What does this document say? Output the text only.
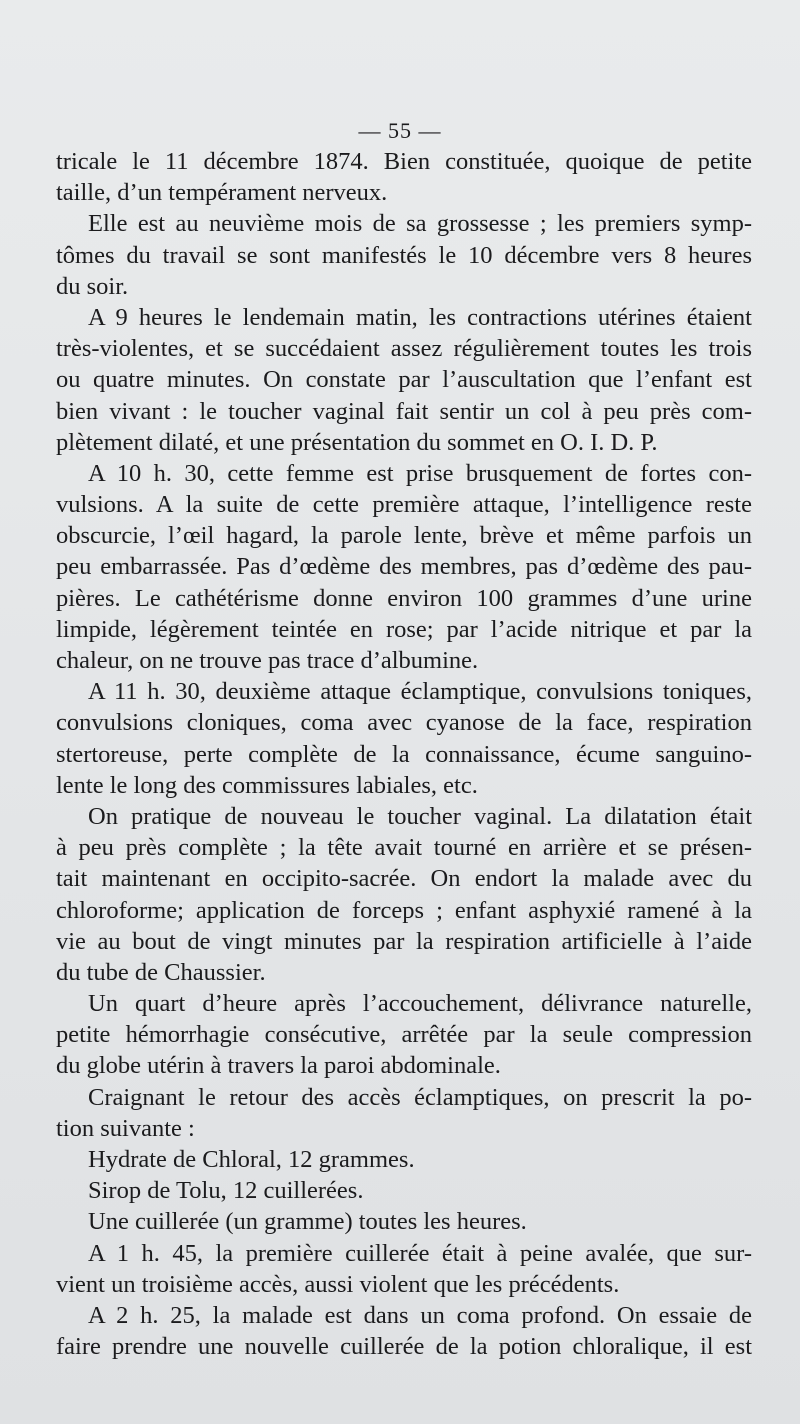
— 55 —
tricale le 11 décembre 1874. Bien constituée, quoique de petite
taille, d’un tempérament nerveux.
Elle est au neuvième mois de sa grossesse ; les premiers symp-
tômes du travail se sont manifestés le 10 décembre vers 8 heures
du soir.
A 9 heures le lendemain matin, les contractions utérines étaient
très-violentes, et se succédaient assez régulièrement toutes les trois
ou quatre minutes. On constate par l’auscultation que l’enfant est
bien vivant : le toucher vaginal fait sentir un col à peu près com-
plètement dilaté, et une présentation du sommet en O. I. D. P.
A 10 h. 30, cette femme est prise brusquement de fortes con-
vulsions. A la suite de cette première attaque, l’intelligence reste
obscurcie, l’œil hagard, la parole lente, brève et même parfois un
peu embarrassée. Pas d’œdème des membres, pas d’œdème des pau-
pières. Le cathétérisme donne environ 100 grammes d’une urine
limpide, légèrement teintée en rose; par l’acide nitrique et par la
chaleur, on ne trouve pas trace d’albumine.
A 11 h. 30, deuxième attaque éclamptique, convulsions toniques,
convulsions cloniques, coma avec cyanose de la face, respiration
stertoreuse, perte complète de la connaissance, écume sanguino-
lente le long des commissures labiales, etc.
On pratique de nouveau le toucher vaginal. La dilatation était
à peu près complète ; la tête avait tourné en arrière et se présen-
tait maintenant en occipito-sacrée. On endort la malade avec du
chloroforme; application de forceps ; enfant asphyxié ramené à la
vie au bout de vingt minutes par la respiration artificielle à l’aide
du tube de Chaussier.
Un quart d’heure après l’accouchement, délivrance naturelle,
petite hémorrhagie consécutive, arrêtée par la seule compression
du globe utérin à travers la paroi abdominale.
Craignant le retour des accès éclamptiques, on prescrit la po-
tion suivante :
Hydrate de Chloral, 12 grammes.
Sirop de Tolu, 12 cuillerées.
Une cuillerée (un gramme) toutes les heures.
A 1 h. 45, la première cuillerée était à peine avalée, que sur-
vient un troisième accès, aussi violent que les précédents.
A 2 h. 25, la malade est dans un coma profond. On essaie de
faire prendre une nouvelle cuillerée de la potion chloralique, il est
